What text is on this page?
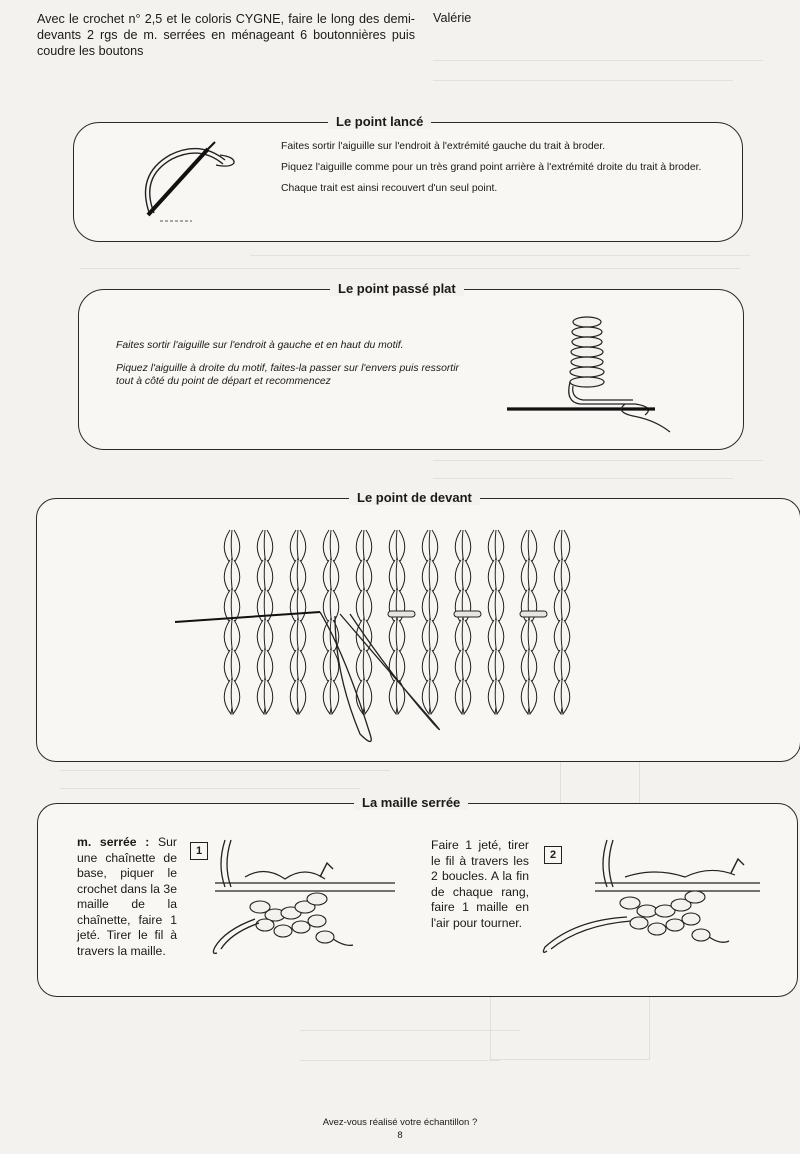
Avec le crochet n° 2,5 et le coloris CYGNE, faire le long des demi-devants 2 rgs de m. serrées en ménageant 6 boutonnières puis coudre les boutons
Valérie
Le point lancé

Faites sortir l'aiguille sur l'endroit à l'extrémité gauche du trait à broder.

Piquez l'aiguille comme pour un très grand point arrière à l'extrémité droite du trait à broder.

Chaque trait est ainsi recouvert d'un seul point.

Le point passé plat

Faites sortir l'aiguille sur l'endroit à gauche et en haut du motif.

Piquez l'aiguille à droite du motif, faites-la passer sur l'envers puis ressortir tout à côté du point de départ et recommencez

Le point de devant
La maille serrée
m. serrée : Sur une chaînette de base, piquer le crochet dans la 3e maille de la chaînette, faire 1 jeté. Tirer le fil à travers la maille.
1	Faire 1 jeté, tirer le fil à travers les 2 boucles. A la fin de chaque rang, faire 1 maille en l'air pour tourner.
2
Avez-vous réalisé votre échantillon ?
8
